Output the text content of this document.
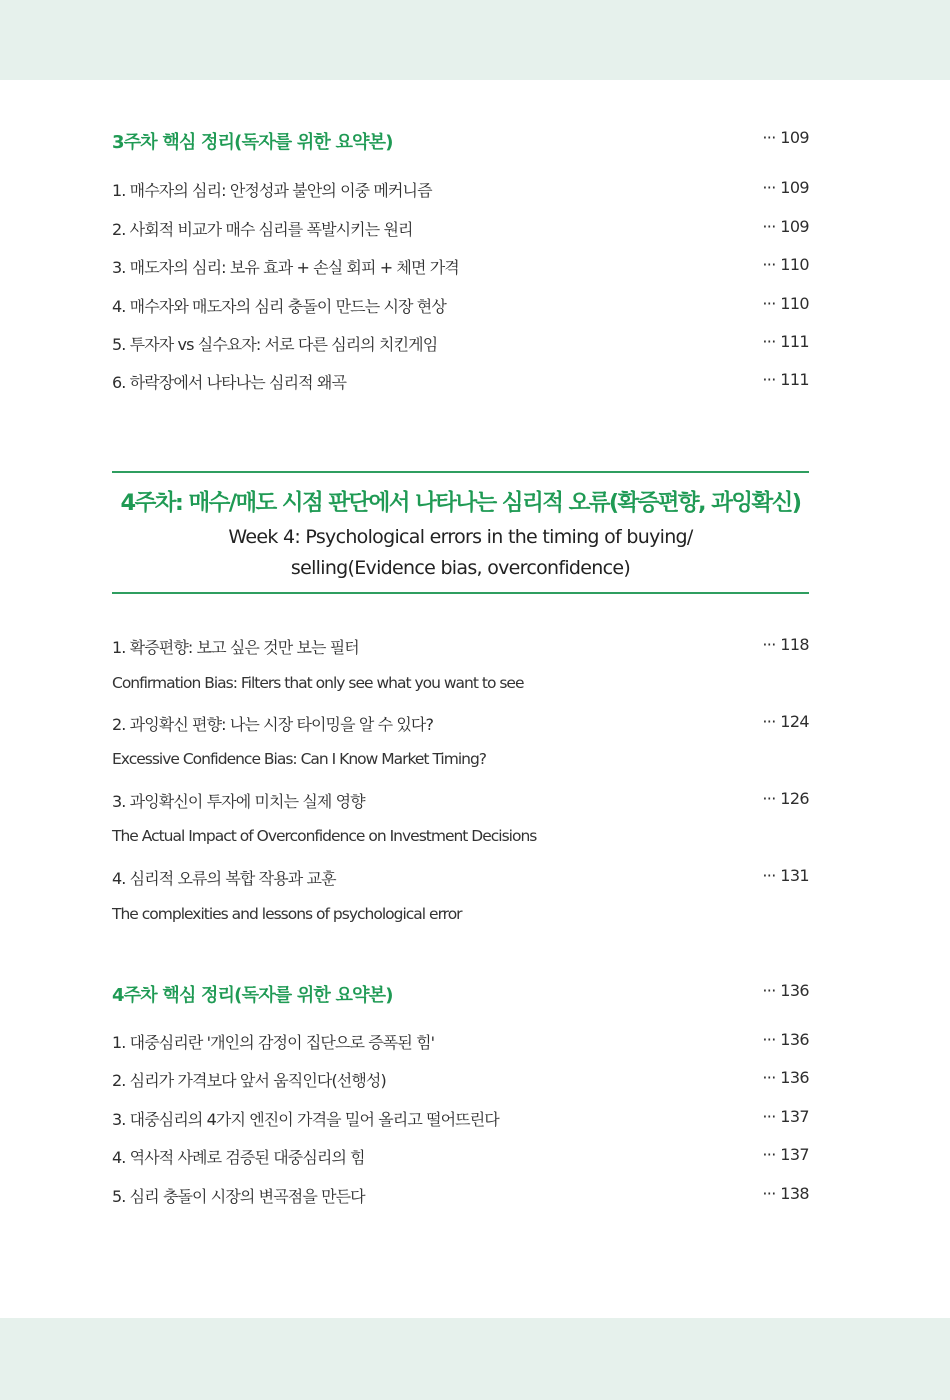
3주차 핵심 정리(독자를 위한 요약본)	··· 109
1. 매수자의 심리: 안정성과 불안의 이중 메커니즘	··· 109
2. 사회적 비교가 매수 심리를 폭발시키는 원리	··· 109
3. 매도자의 심리: 보유 효과 + 손실 회피 + 체면 가격	··· 110
4. 매수자와 매도자의 심리 충돌이 만드는 시장 현상	··· 110
5. 투자자 vs 실수요자: 서로 다른 심리의 치킨게임	··· 111
6. 하락장에서 나타나는 심리적 왜곡	··· 111
4주차: 매수/매도 시점 판단에서 나타나는 심리적 오류(확증편향, 과잉확신)
Week 4: Psychological errors in the timing of buying/
selling(Evidence bias, overconfidence)
1. 확증편향: 보고 싶은 것만 보는 필터	··· 118
Confirmation Bias: Filters that only see what you want to see
2. 과잉확신 편향: 나는 시장 타이밍을 알 수 있다?	··· 124
Excessive Confidence Bias: Can I Know Market Timing?
3. 과잉확신이 투자에 미치는 실제 영향	··· 126
The Actual Impact of Overconfidence on Investment Decisions
4. 심리적 오류의 복합 작용과 교훈	··· 131
The complexities and lessons of psychological error
4주차 핵심 정리(독자를 위한 요약본)	··· 136
1. 대중심리란 '개인의 감정이 집단으로 증폭된 힘'	··· 136
2. 심리가 가격보다 앞서 움직인다(선행성)	··· 136
3. 대중심리의 4가지 엔진이 가격을 밀어 올리고 떨어뜨린다	··· 137
4. 역사적 사례로 검증된 대중심리의 힘	··· 137
5. 심리 충돌이 시장의 변곡점을 만든다	··· 138
